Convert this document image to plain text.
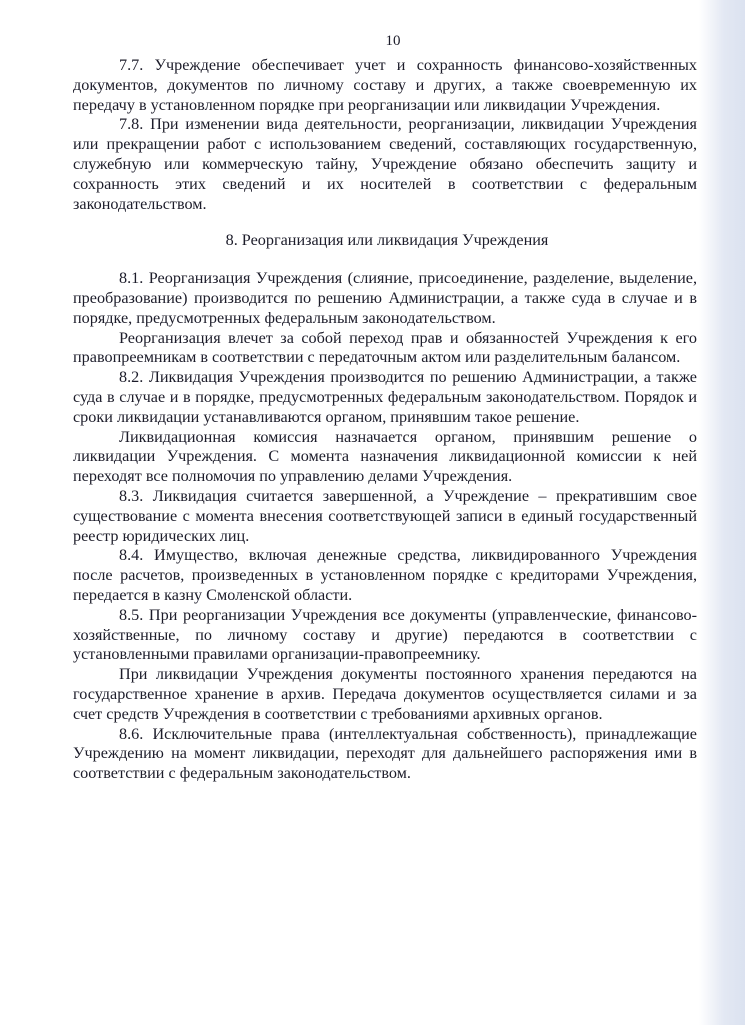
10

7.7. Учреждение обеспечивает учет и сохранность финансово-хозяйственных документов, документов по личному составу и других, а также своевременную их передачу в установленном порядке при реорганизации или ликвидации Учреждения.

7.8. При изменении вида деятельности, реорганизации, ликвидации Учреждения или прекращении работ с использованием сведений, составляющих государственную, служебную или коммерческую тайну, Учреждение обязано обеспечить защиту и сохранность этих сведений и их носителей в соответствии с федеральным законодательством.

8. Реорганизация или ликвидация Учреждения

8.1. Реорганизация Учреждения (слияние, присоединение, разделение, выделение, преобразование) производится по решению Администрации, а также суда в случае и в порядке, предусмотренных федеральным законодательством.

Реорганизация влечет за собой переход прав и обязанностей Учреждения к его правопреемникам в соответствии с передаточным актом или разделительным балансом.

8.2. Ликвидация Учреждения производится по решению Администрации, а также суда в случае и в порядке, предусмотренных федеральным законодательством. Порядок и сроки ликвидации устанавливаются органом, принявшим такое решение.

Ликвидационная комиссия назначается органом, принявшим решение о ликвидации Учреждения. С момента назначения ликвидационной комиссии к ней переходят все полномочия по управлению делами Учреждения.

8.3. Ликвидация считается завершенной, а Учреждение – прекратившим свое существование с момента внесения соответствующей записи в единый государственный реестр юридических лиц.

8.4. Имущество, включая денежные средства, ликвидированного Учреждения после расчетов, произведенных в установленном порядке с кредиторами Учреждения, передается в казну Смоленской области.

8.5. При реорганизации Учреждения все документы (управленческие, финансово-хозяйственные, по личному составу и другие) передаются в соответствии с установленными правилами организации-правопреемнику.

При ликвидации Учреждения документы постоянного хранения передаются на государственное хранение в архив. Передача документов осуществляется силами и за счет средств Учреждения в соответствии с требованиями архивных органов.

8.6. Исключительные права (интеллектуальная собственность), принадлежащие Учреждению на момент ликвидации, переходят для дальнейшего распоряжения ими в соответствии с федеральным законодательством.
